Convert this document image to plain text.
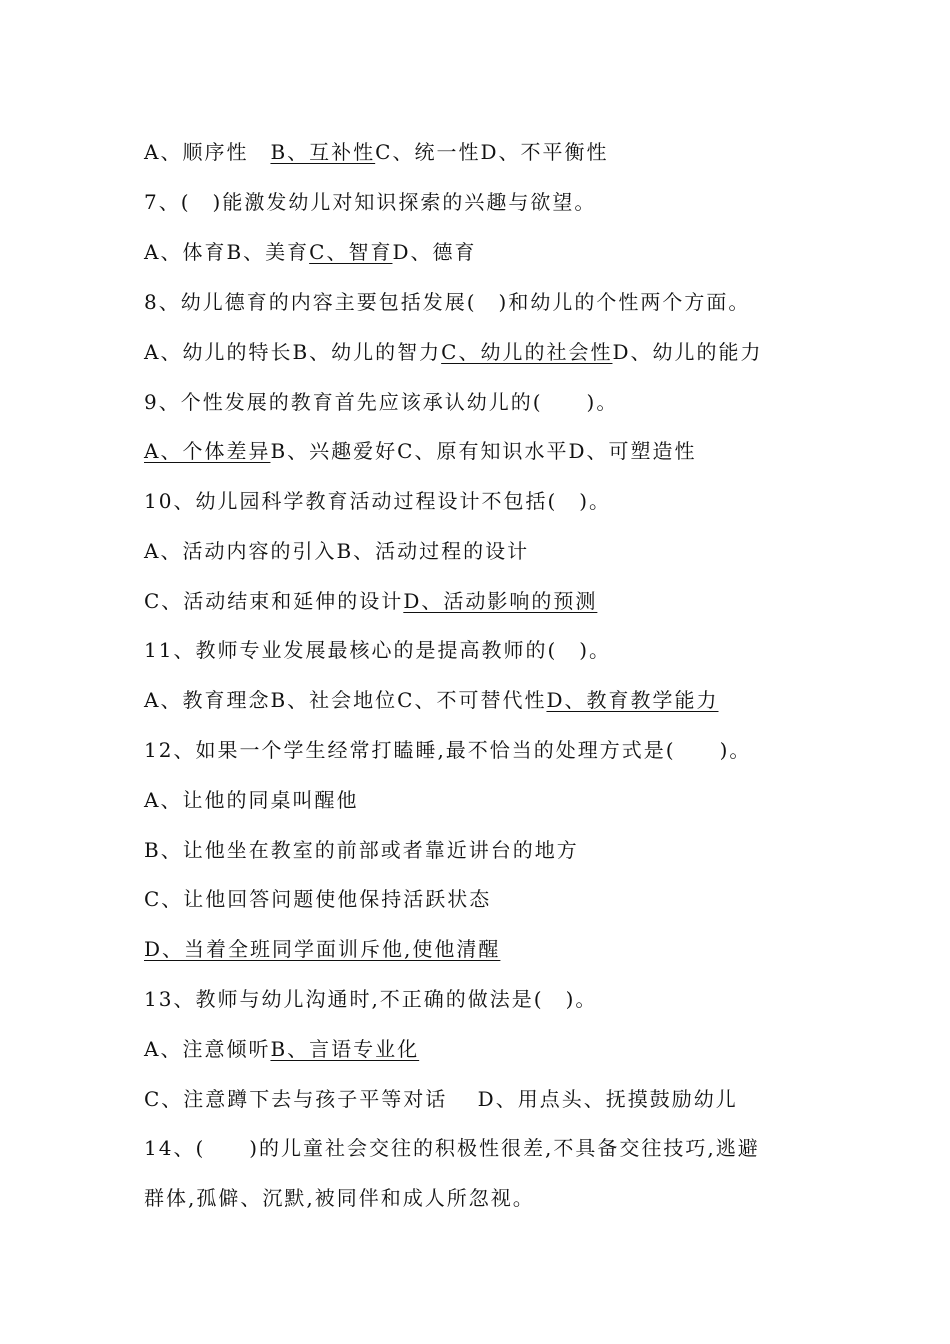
A、顺序性　B、互补性C、统一性D、不平衡性
7、(　)能激发幼儿对知识探索的兴趣与欲望。
A、体育B、美育C、智育D、德育
8、幼儿德育的内容主要包括发展(　)和幼儿的个性两个方面。
A、幼儿的特长B、幼儿的智力C、幼儿的社会性D、幼儿的能力
9、个性发展的教育首先应该承认幼儿的(　　)。
A、个体差异B、兴趣爱好C、原有知识水平D、可塑造性
10、幼儿园科学教育活动过程设计不包括(　)。
A、活动内容的引入B、活动过程的设计
C、活动结束和延伸的设计D、活动影响的预测
11、教师专业发展最核心的是提高教师的(　)。
A、教育理念B、社会地位C、不可替代性D、教育教学能力
12、如果一个学生经常打瞌睡,最不恰当的处理方式是(　　)。
A、让他的同桌叫醒他
B、让他坐在教室的前部或者靠近讲台的地方
C、让他回答问题使他保持活跃状态
D、当着全班同学面训斥他,使他清醒
13、教师与幼儿沟通时,不正确的做法是(　)。
A、注意倾听B、言语专业化
C、注意蹲下去与孩子平等对话　 D、用点头、抚摸鼓励幼儿
14、(　　)的儿童社会交往的积极性很差,不具备交往技巧,逃避
群体,孤僻、沉默,被同伴和成人所忽视。
